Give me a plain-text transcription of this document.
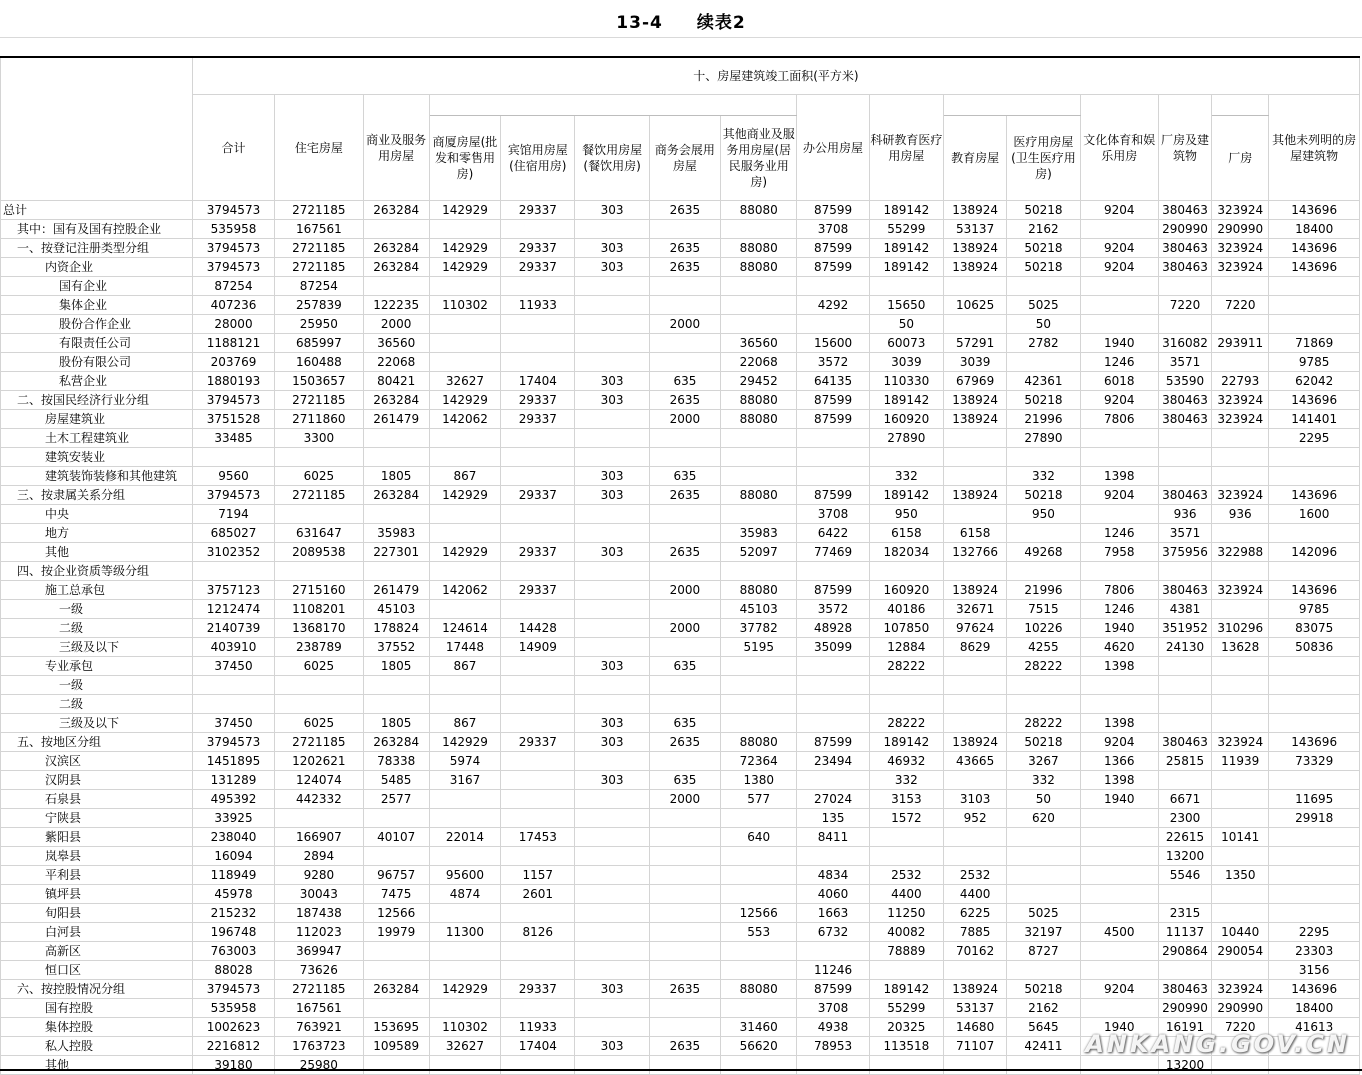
13-4 续表2
	十、房屋建筑竣工面积(平方米)															
	合计	住宅房屋	商业及服务用房屋						办公用房屋	科研教育医疗用房屋			文化体育和娱乐用房	厂房及建筑物		其他未列明的房屋建筑物
				商厦房屋(批发和零售用房)	宾馆用房屋(住宿用房)	餐饮用房屋(餐饮用房)	商务会展用房屋	其他商业及服务用房屋(居民服务业用房)			教育房屋	医疗用房屋(卫生医疗用房)			厂房	
总计	3794573	2721185	263284	142929	29337	303	2635	88080	87599	189142	138924	50218	9204	380463	323924	143696
其中：国有及国有控股企业	535958	167561							3708	55299	53137	2162		290990	290990	18400
一、按登记注册类型分组	3794573	2721185	263284	142929	29337	303	2635	88080	87599	189142	138924	50218	9204	380463	323924	143696
内资企业	3794573	2721185	263284	142929	29337	303	2635	88080	87599	189142	138924	50218	9204	380463	323924	143696
国有企业	87254	87254														
集体企业	407236	257839	122235	110302	11933				4292	15650	10625	5025		7220	7220	
股份合作企业	28000	25950	2000				2000			50		50				
有限责任公司	1188121	685997	36560					36560	15600	60073	57291	2782	1940	316082	293911	71869
股份有限公司	203769	160488	22068					22068	3572	3039	3039		1246	3571		9785
私营企业	1880193	1503657	80421	32627	17404	303	635	29452	64135	110330	67969	42361	6018	53590	22793	62042
二、按国民经济行业分组	3794573	2721185	263284	142929	29337	303	2635	88080	87599	189142	138924	50218	9204	380463	323924	143696
房屋建筑业	3751528	2711860	261479	142062	29337		2000	88080	87599	160920	138924	21996	7806	380463	323924	141401
土木工程建筑业	33485	3300								27890		27890				2295
建筑安装业																
建筑装饰装修和其他建筑	9560	6025	1805	867		303	635			332		332	1398			
三、按隶属关系分组	3794573	2721185	263284	142929	29337	303	2635	88080	87599	189142	138924	50218	9204	380463	323924	143696
中央	7194								3708	950		950		936	936	1600
地方	685027	631647	35983					35983	6422	6158	6158		1246	3571		
其他	3102352	2089538	227301	142929	29337	303	2635	52097	77469	182034	132766	49268	7958	375956	322988	142096
四、按企业资质等级分组																
施工总承包	3757123	2715160	261479	142062	29337		2000	88080	87599	160920	138924	21996	7806	380463	323924	143696
一级	1212474	1108201	45103					45103	3572	40186	32671	7515	1246	4381		9785
二级	2140739	1368170	178824	124614	14428		2000	37782	48928	107850	97624	10226	1940	351952	310296	83075
三级及以下	403910	238789	37552	17448	14909			5195	35099	12884	8629	4255	4620	24130	13628	50836
专业承包	37450	6025	1805	867		303	635			28222		28222	1398			
一级																
二级																
三级及以下	37450	6025	1805	867		303	635			28222		28222	1398			
五、按地区分组	3794573	2721185	263284	142929	29337	303	2635	88080	87599	189142	138924	50218	9204	380463	323924	143696
汉滨区	1451895	1202621	78338	5974				72364	23494	46932	43665	3267	1366	25815	11939	73329
汉阴县	131289	124074	5485	3167		303	635	1380		332		332	1398			
石泉县	495392	442332	2577				2000	577	27024	3153	3103	50	1940	6671		11695
宁陕县	33925								135	1572	952	620		2300		29918
紫阳县	238040	166907	40107	22014	17453			640	8411					22615	10141	
岚皋县	16094	2894												13200		
平利县	118949	9280	96757	95600	1157				4834	2532	2532			5546	1350	
镇坪县	45978	30043	7475	4874	2601				4060	4400	4400					
旬阳县	215232	187438	12566					12566	1663	11250	6225	5025		2315		
白河县	196748	112023	19979	11300	8126			553	6732	40082	7885	32197	4500	11137	10440	2295
高新区	763003	369947								78889	70162	8727		290864	290054	23303
恒口区	88028	73626							11246							3156
六、按控股情况分组	3794573	2721185	263284	142929	29337	303	2635	88080	87599	189142	138924	50218	9204	380463	323924	143696
国有控股	535958	167561							3708	55299	53137	2162		290990	290990	18400
集体控股	1002623	763921	153695	110302	11933			31460	4938	20325	14680	5645	1940	16191	7220	41613
私人控股	2216812	1763723	109589	32627	17404	303	2635	56620	78953	113518	71107	42411				
其他	39180	25980												13200		
ANKANG.GOV.CN
